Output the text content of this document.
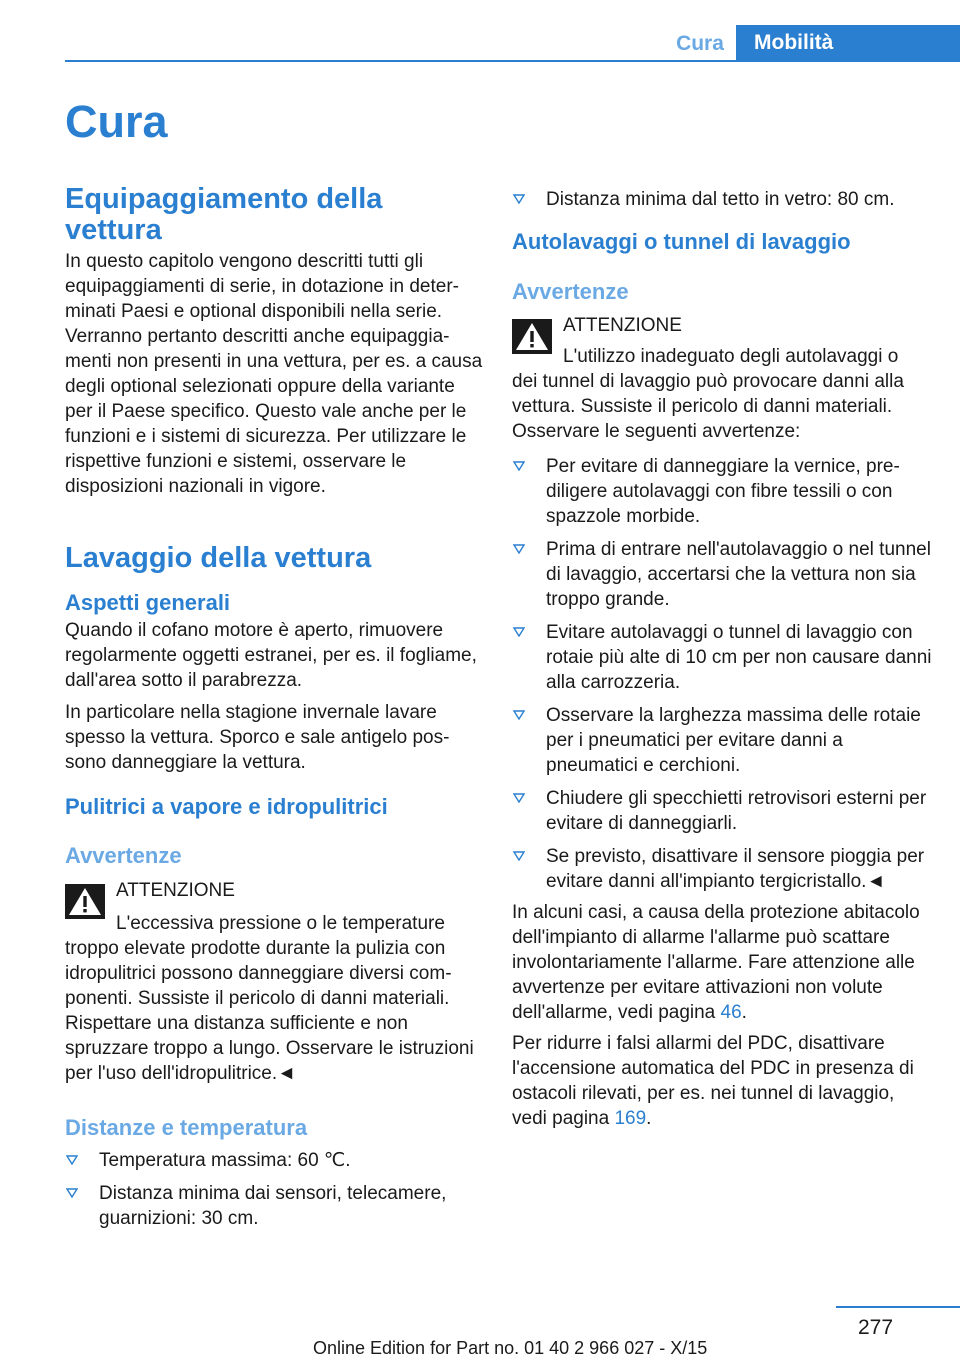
Cura	Mobilità
Cura
Equipaggiamento della vettura

In questo capitolo vengono descritti tutti gli equipaggiamenti di serie, in dotazione in determinati Paesi e optional disponibili nella serie. Verranno pertanto descritti anche equipaggiamenti non presenti in una vettura, per es. a causa degli optional selezionati oppure della variante per il Paese specifico. Questo vale anche per le funzioni e i sistemi di sicurezza. Per utilizzare le rispettive funzioni e sistemi, osservare le disposizioni nazionali in vigore.

Lavaggio della vettura
Aspetti generali

Quando il cofano motore è aperto, rimuovere regolarmente oggetti estranei, per es. il fogliame, dall'area sotto il parabrezza.

In particolare nella stagione invernale lavare spesso la vettura. Sporco e sale antigelo possono danneggiare la vettura.

Pulitrici a vapore e idropulitrici
Avvertenze
ATTENZIONE
L'eccessiva pressione o le temperature
troppo elevate prodotte durante la pulizia con idropulitrici possono danneggiare diversi componenti. Sussiste il pericolo di danni materiali. Rispettare una distanza sufficiente e non spruzzare troppo a lungo. Osservare le istruzioni per l'uso dell'idropulitrice.◄
Distanze e temperatura
Temperatura massima: 60 ℃.
Distanza minima dai sensori, telecamere, guarnizioni: 30 cm.
Distanza minima dal tetto in vetro: 80 cm.
Autolavaggi o tunnel di lavaggio
Avvertenze
ATTENZIONE
L'utilizzo inadeguato degli autolavaggi o
dei tunnel di lavaggio può provocare danni alla vettura. Sussiste il pericolo di danni materiali. Osservare le seguenti avvertenze:
Per evitare di danneggiare la vernice, prediligere autolavaggi con fibre tessili o con spazzole morbide.
Prima di entrare nell'autolavaggio o nel tunnel di lavaggio, accertarsi che la vettura non sia troppo grande.
Evitare autolavaggi o tunnel di lavaggio con rotaie più alte di 10 cm per non causare danni alla carrozzeria.
Osservare la larghezza massima delle rotaie per i pneumatici per evitare danni a pneumatici e cerchioni.
Chiudere gli specchietti retrovisori esterni per evitare di danneggiarli.
Se previsto, disattivare il sensore pioggia per evitare danni all'impianto tergicristallo.◄

In alcuni casi, a causa della protezione abitacolo dell'impianto di allarme l'allarme può scattare involontariamente l'allarme. Fare attenzione alle avvertenze per evitare attivazioni non volute dell'allarme, vedi pagina 46.

Per ridurre i falsi allarmi del PDC, disattivare l'accensione automatica del PDC in presenza di ostacoli rilevati, per es. nei tunnel di lavaggio, vedi pagina 169.

277
Online Edition for Part no. 01 40 2 966 027 - X/15
